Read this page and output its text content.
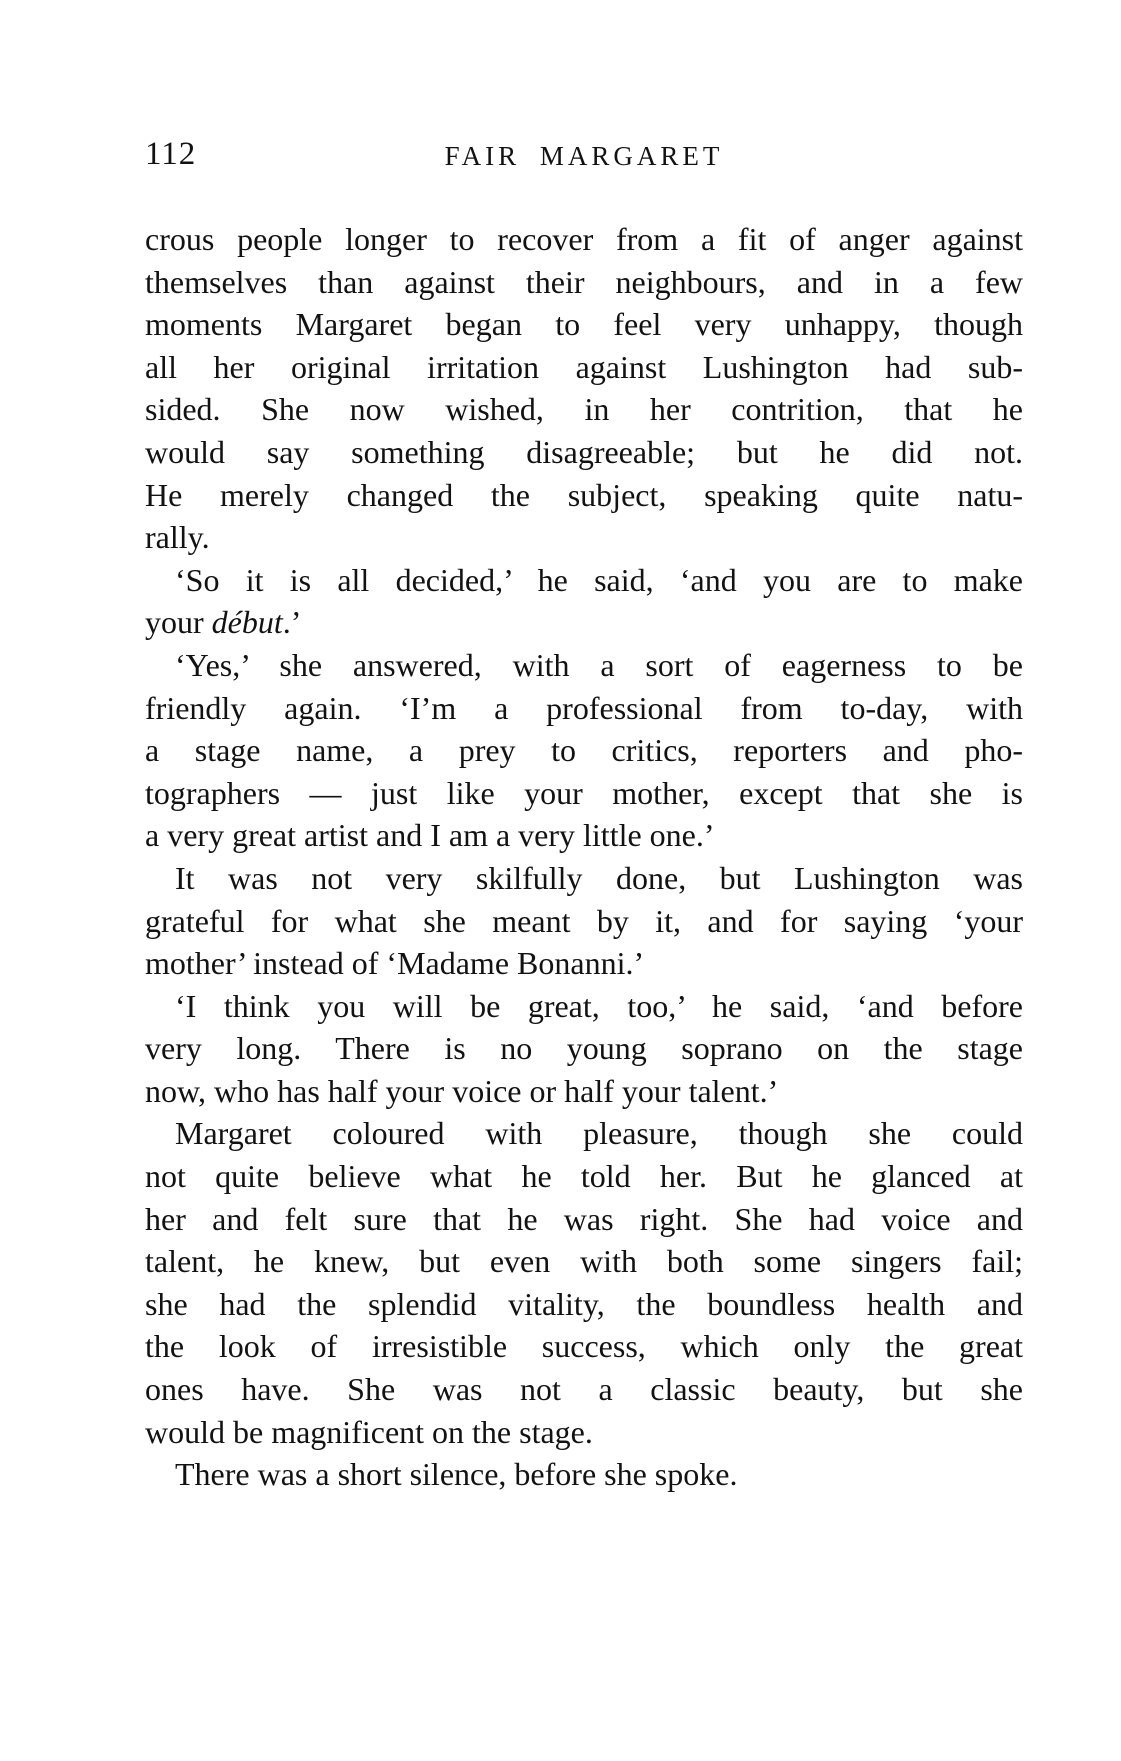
112	FAIR MARGARET
crous people longer to recover from a fit of anger against
themselves than against their neighbours, and in a few
moments Margaret began to feel very unhappy, though
all her original irritation against Lushington had sub-
sided. She now wished, in her contrition, that he
would say something disagreeable; but he did not.
He merely changed the subject, speaking quite natu-
rally.
‘So it is all decided,’ he said, ‘and you are to make
your début.’
‘Yes,’ she answered, with a sort of eagerness to be
friendly again. ‘I’m a professional from to-day, with
a stage name, a prey to critics, reporters and pho-
tographers — just like your mother, except that she is
a very great artist and I am a very little one.’
It was not very skilfully done, but Lushington was
grateful for what she meant by it, and for saying ‘your
mother’ instead of ‘Madame Bonanni.’
‘I think you will be great, too,’ he said, ‘and before
very long. There is no young soprano on the stage
now, who has half your voice or half your talent.’
Margaret coloured with pleasure, though she could
not quite believe what he told her. But he glanced at
her and felt sure that he was right. She had voice and
talent, he knew, but even with both some singers fail;
she had the splendid vitality, the boundless health and
the look of irresistible success, which only the great
ones have. She was not a classic beauty, but she
would be magnificent on the stage.
There was a short silence, before she spoke.
